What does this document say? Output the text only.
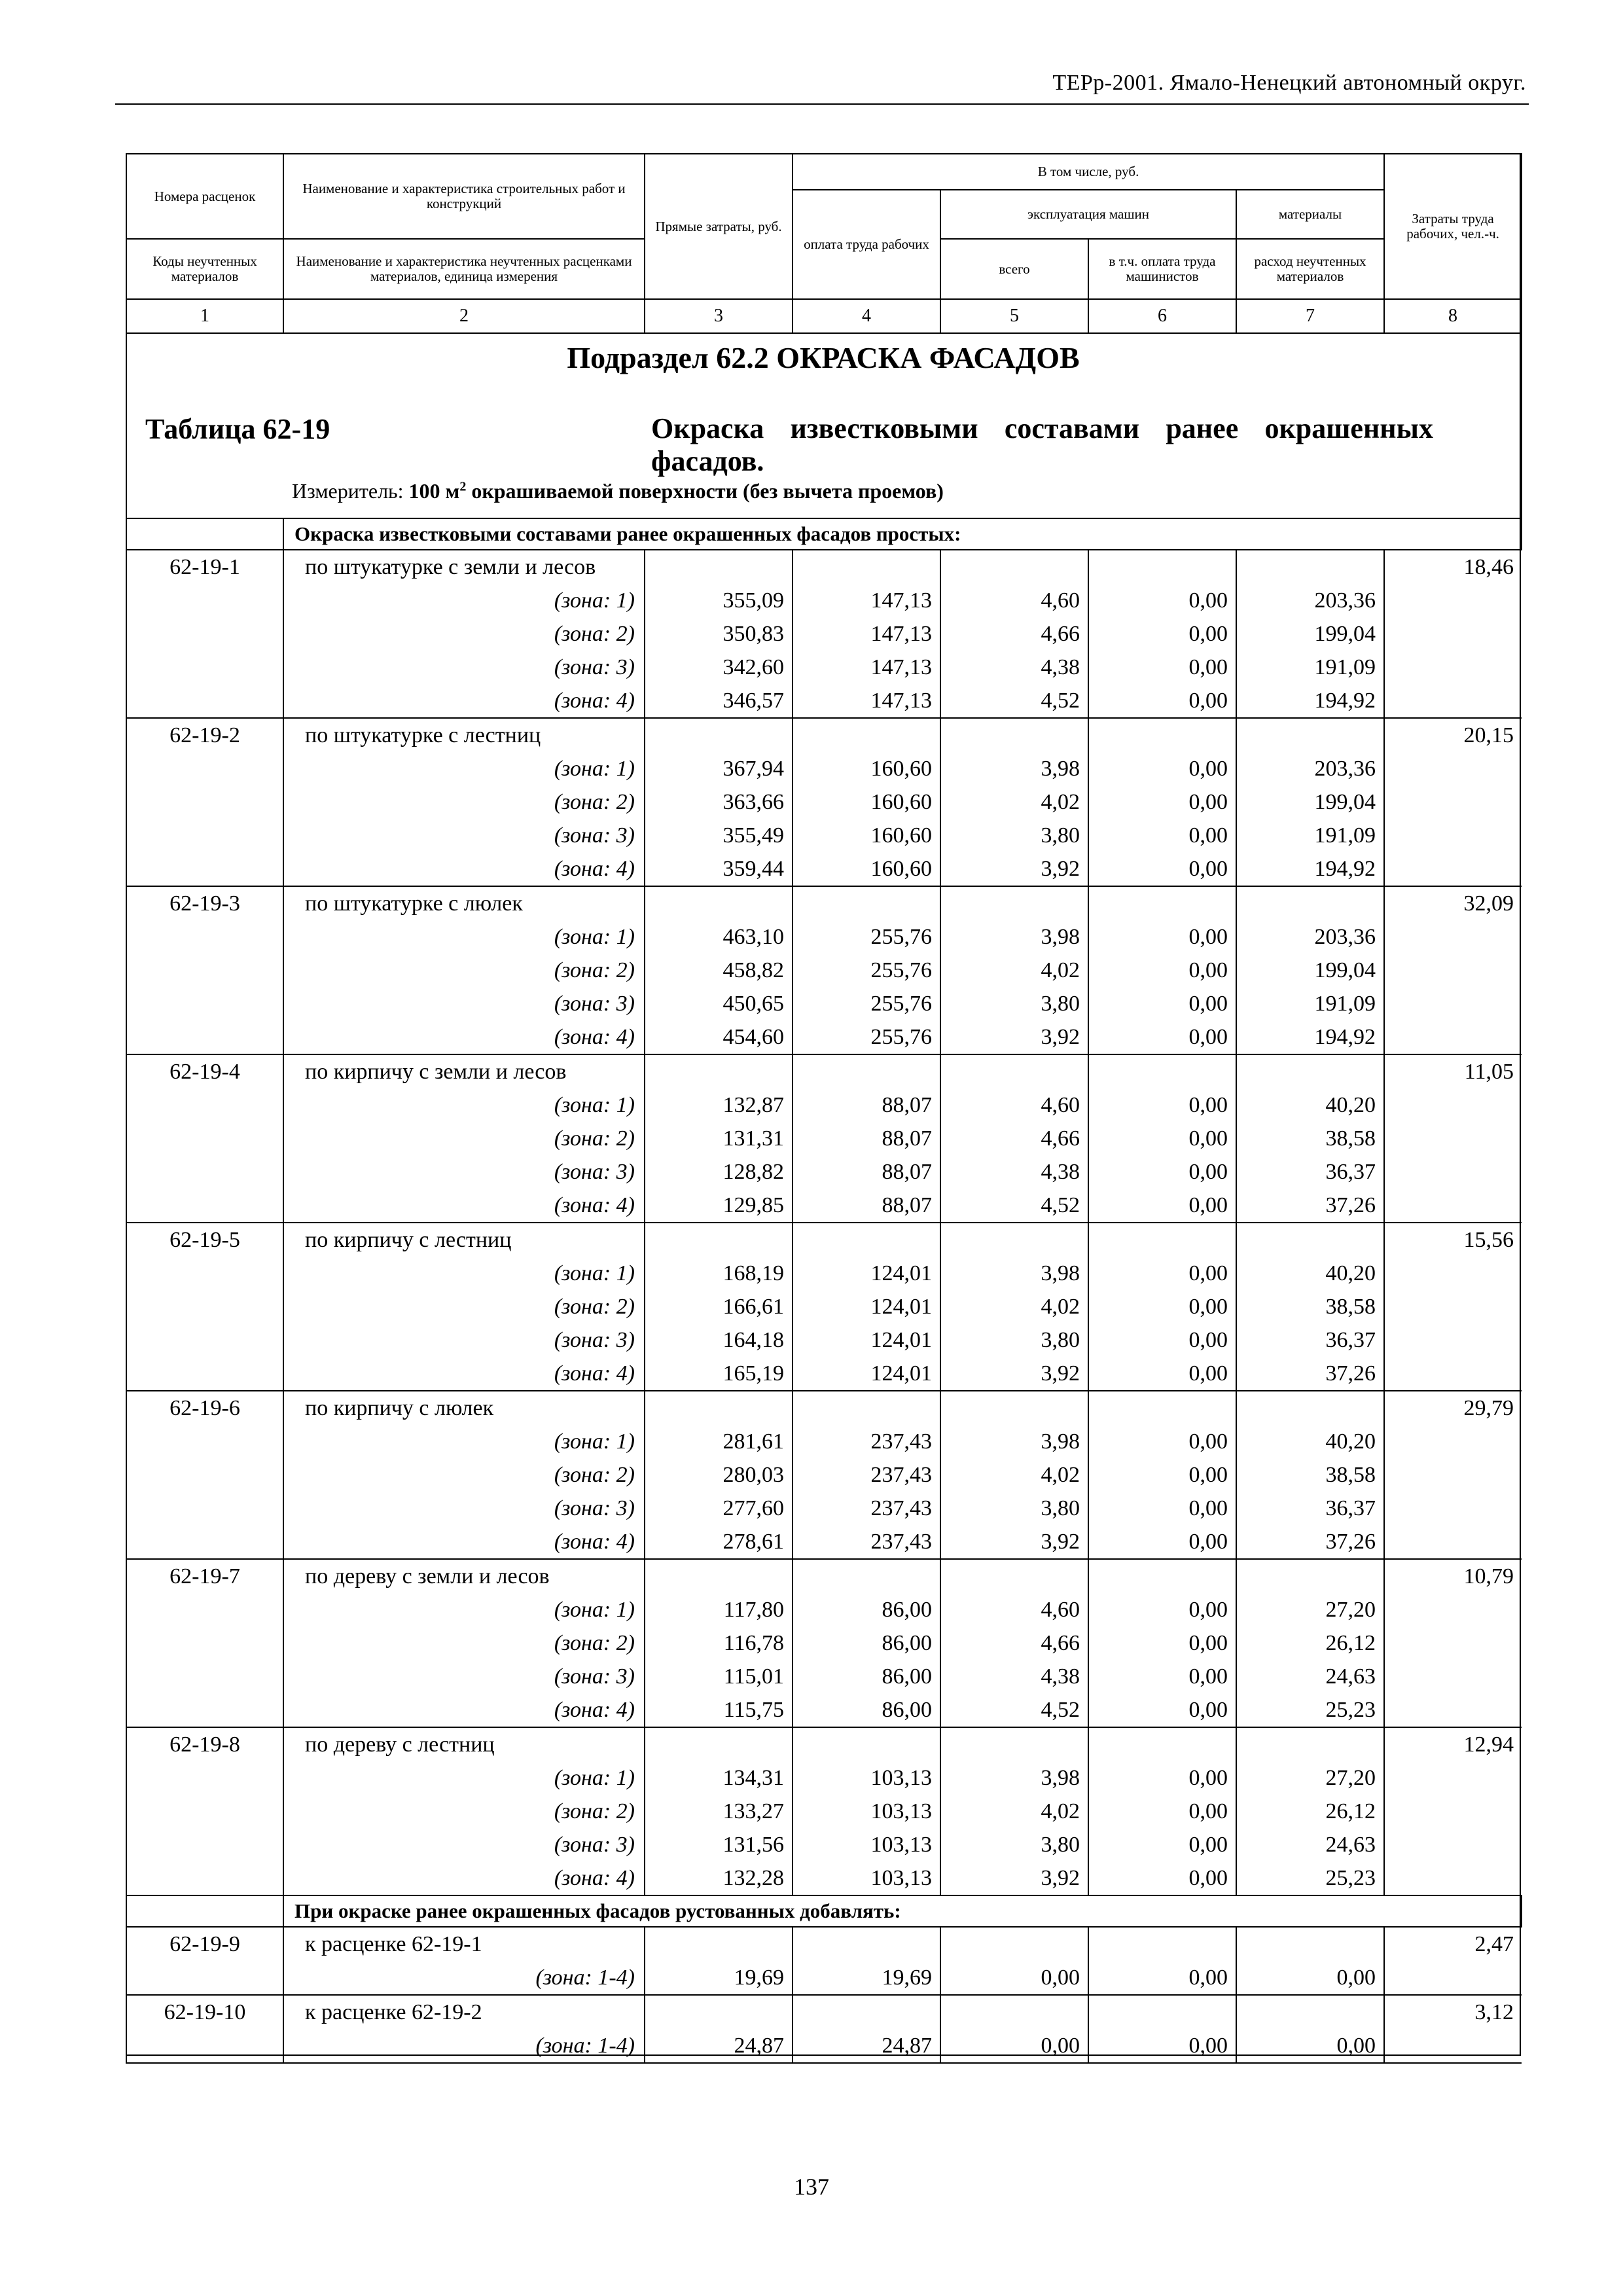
ТЕРр-2001. Ямало-Ненецкий автономный округ.
Номера расценок	Наименование и характеристика строительных работ и конструкций	Прямые затраты, руб.	В том числе, руб.				Затраты труда рабочих, чел.-ч.
			оплата труда рабочих	эксплуатация машин		материалы	
Коды неучтенных материалов	Наименование и характеристика неучтенных расценками материалов, единица измерения			всего	в т.ч. оплата труда машинистов	расход неучтенных материалов	
1	2	3	4	5	6	7	8

	Окраска известковыми составами ранее окрашенных фасадов простых:						
62-19-1	по штукатурке с земли и лесов						18,46
	(зона: 1)	355,09	147,13	4,60	0,00	203,36	
	(зона: 2)	350,83	147,13	4,66	0,00	199,04	
	(зона: 3)	342,60	147,13	4,38	0,00	191,09	
	(зона: 4)	346,57	147,13	4,52	0,00	194,92	
62-19-2	по штукатурке с лестниц						20,15
	(зона: 1)	367,94	160,60	3,98	0,00	203,36	
	(зона: 2)	363,66	160,60	4,02	0,00	199,04	
	(зона: 3)	355,49	160,60	3,80	0,00	191,09	
	(зона: 4)	359,44	160,60	3,92	0,00	194,92	
62-19-3	по штукатурке с люлек						32,09
	(зона: 1)	463,10	255,76	3,98	0,00	203,36	
	(зона: 2)	458,82	255,76	4,02	0,00	199,04	
	(зона: 3)	450,65	255,76	3,80	0,00	191,09	
	(зона: 4)	454,60	255,76	3,92	0,00	194,92	
62-19-4	по кирпичу с земли и лесов						11,05
	(зона: 1)	132,87	88,07	4,60	0,00	40,20	
	(зона: 2)	131,31	88,07	4,66	0,00	38,58	
	(зона: 3)	128,82	88,07	4,38	0,00	36,37	
	(зона: 4)	129,85	88,07	4,52	0,00	37,26	
62-19-5	по кирпичу с лестниц						15,56
	(зона: 1)	168,19	124,01	3,98	0,00	40,20	
	(зона: 2)	166,61	124,01	4,02	0,00	38,58	
	(зона: 3)	164,18	124,01	3,80	0,00	36,37	
	(зона: 4)	165,19	124,01	3,92	0,00	37,26	
62-19-6	по кирпичу с люлек						29,79
	(зона: 1)	281,61	237,43	3,98	0,00	40,20	
	(зона: 2)	280,03	237,43	4,02	0,00	38,58	
	(зона: 3)	277,60	237,43	3,80	0,00	36,37	
	(зона: 4)	278,61	237,43	3,92	0,00	37,26	
62-19-7	по дереву с земли и лесов						10,79
	(зона: 1)	117,80	86,00	4,60	0,00	27,20	
	(зона: 2)	116,78	86,00	4,66	0,00	26,12	
	(зона: 3)	115,01	86,00	4,38	0,00	24,63	
	(зона: 4)	115,75	86,00	4,52	0,00	25,23	
62-19-8	по дереву с лестниц						12,94
	(зона: 1)	134,31	103,13	3,98	0,00	27,20	
	(зона: 2)	133,27	103,13	4,02	0,00	26,12	
	(зона: 3)	131,56	103,13	3,80	0,00	24,63	
	(зона: 4)	132,28	103,13	3,92	0,00	25,23	
	При окраске ранее окрашенных фасадов рустованных добавлять:						
62-19-9	к расценке 62-19-1						2,47
	(зона: 1-4)	19,69	19,69	0,00	0,00	0,00	
62-19-10	к расценке 62-19-2						3,12
	(зона: 1-4)	24,87	24,87	0,00	0,00	0,00	
Подраздел 62.2 ОКРАСКА ФАСАДОВ
Таблица 62-19	Окраска известковыми составами ранее окрашенных фасадов.
Измеритель: 100 $м^2$ окрашиваемой поверхности (без вычета проемов)
137
